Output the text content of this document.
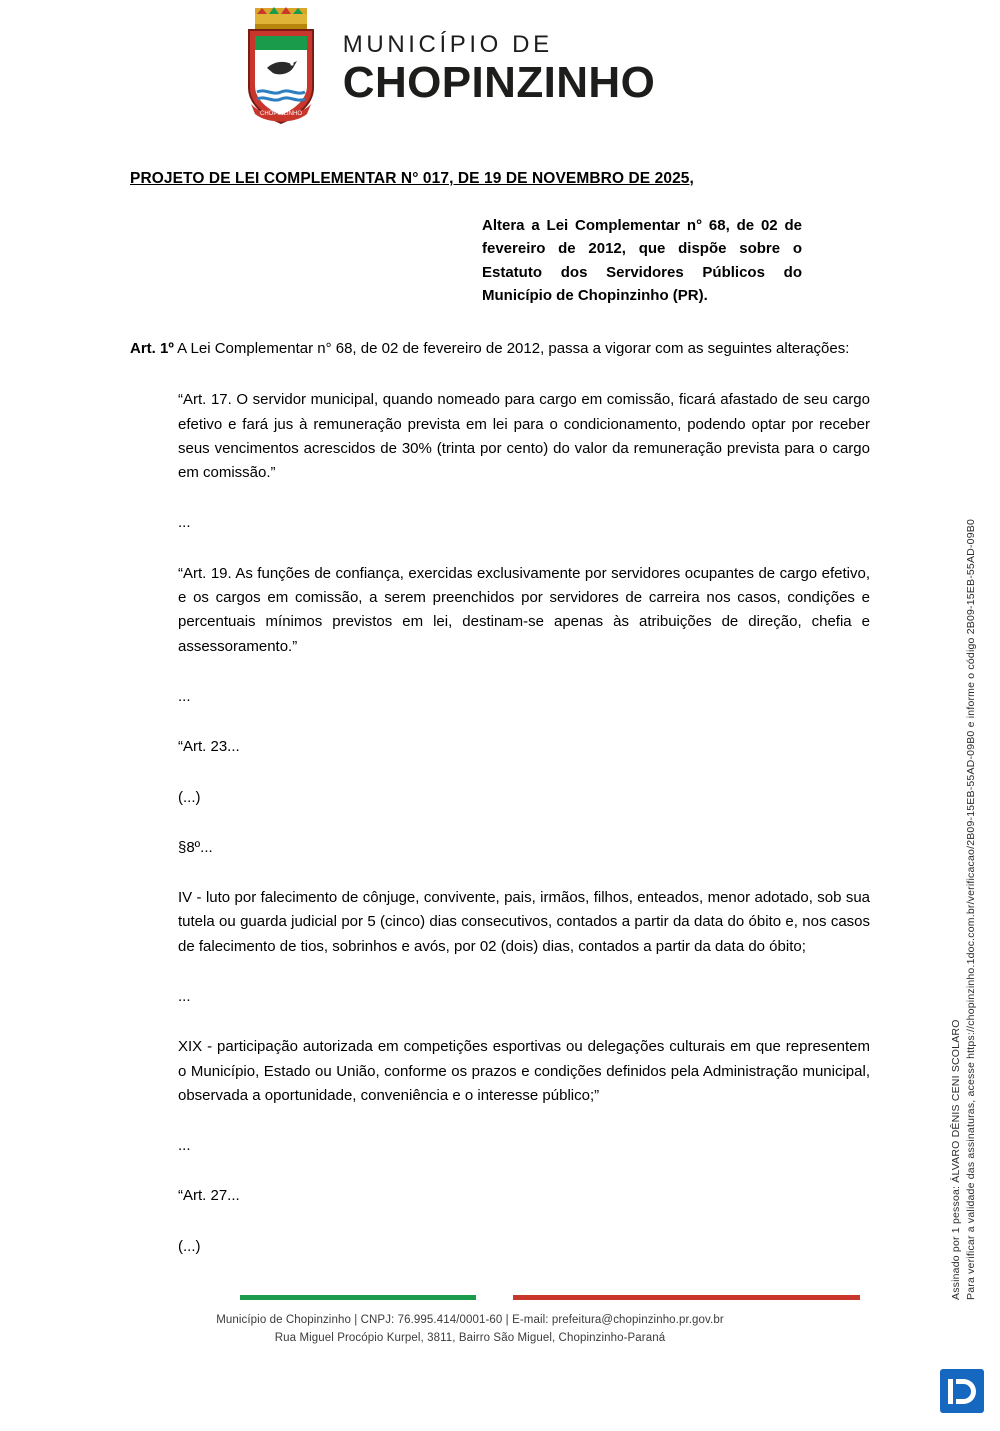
CHOPINZINHO
MUNICÍPIO DE
CHOPINZINHO
PROJETO DE LEI COMPLEMENTAR N° 017, DE 19 DE NOVEMBRO DE 2025,
Altera a Lei Complementar n° 68, de 02 de fevereiro de 2012, que dispõe sobre o Estatuto dos Servidores Públicos do Município de Chopinzinho (PR).

Art. 1º A Lei Complementar n° 68, de 02 de fevereiro de 2012, passa a vigorar com as seguintes alterações:

“Art. 17. O servidor municipal, quando nomeado para cargo em comissão, ficará afastado de seu cargo efetivo e fará jus à remuneração prevista em lei para o condicionamento, podendo optar por receber seus vencimentos acrescidos de 30% (trinta por cento) do valor da remuneração prevista para o cargo em comissão.”

...

“Art. 19. As funções de confiança, exercidas exclusivamente por servidores ocupantes de cargo efetivo, e os cargos em comissão, a serem preenchidos por servidores de carreira nos casos, condições e percentuais mínimos previstos em lei, destinam-se apenas às atribuições de direção, chefia e assessoramento.”

...

“Art. 23...

(...)

§8º...

IV - luto por falecimento de cônjuge, convivente, pais, irmãos, filhos, enteados, menor adotado, sob sua tutela ou guarda judicial por 5 (cinco) dias consecutivos, contados a partir da data do óbito e, nos casos de falecimento de tios, sobrinhos e avós, por 02 (dois) dias, contados a partir da data do óbito;

...

XIX - participação autorizada em competições esportivas ou delegações culturais em que representem o Município, Estado ou União, conforme os prazos e condições definidos pela Administração municipal, observada a oportunidade, conveniência e o interesse público;”

...

“Art. 27...

(...)

Município de Chopinzinho | CNPJ: 76.995.414/0001-60 | E-mail: prefeitura@chopinzinho.pr.gov.br
Rua Miguel Procópio Kurpel, 3811, Bairro São Miguel, Chopinzinho-Paraná
Assinado por 1 pessoa: ÁLVARO DÊNIS CENI SCOLARO Para verificar a validade das assinaturas, acesse https://chopinzinho.1doc.com.br/verificacao/2B09-15EB-55AD-09B0 e informe o código 2B09-15EB-55AD-09B0
